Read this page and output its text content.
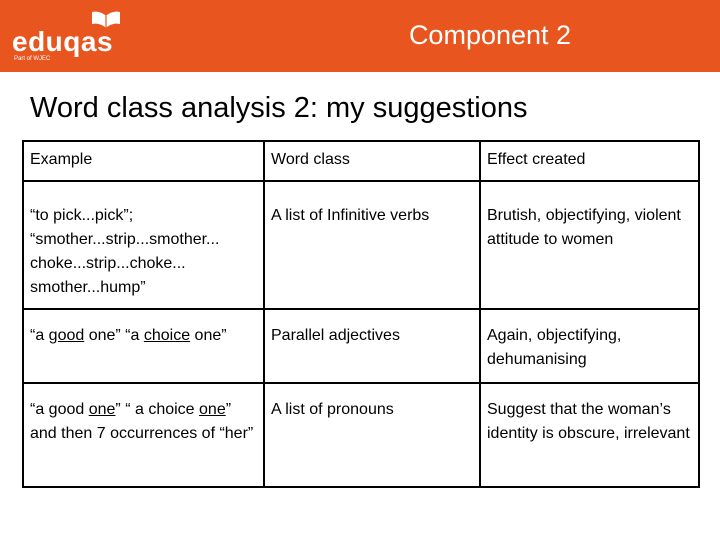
eduqas
Part of WJEC
Component 2
Word class analysis 2: my suggestions
Example	Word class	Effect created
“to pick...pick”; “smother...strip...smother... choke...strip...choke... smother...hump”	A list of Infinitive verbs	Brutish, objectifying, violent attitude to women
“a good one” “a choice one”	Parallel adjectives	Again, objectifying, dehumanising
“a good one” “ a choice one” and then 7 occurrences of “her”	A list of pronouns	Suggest that the woman’s identity is obscure, irrelevant
